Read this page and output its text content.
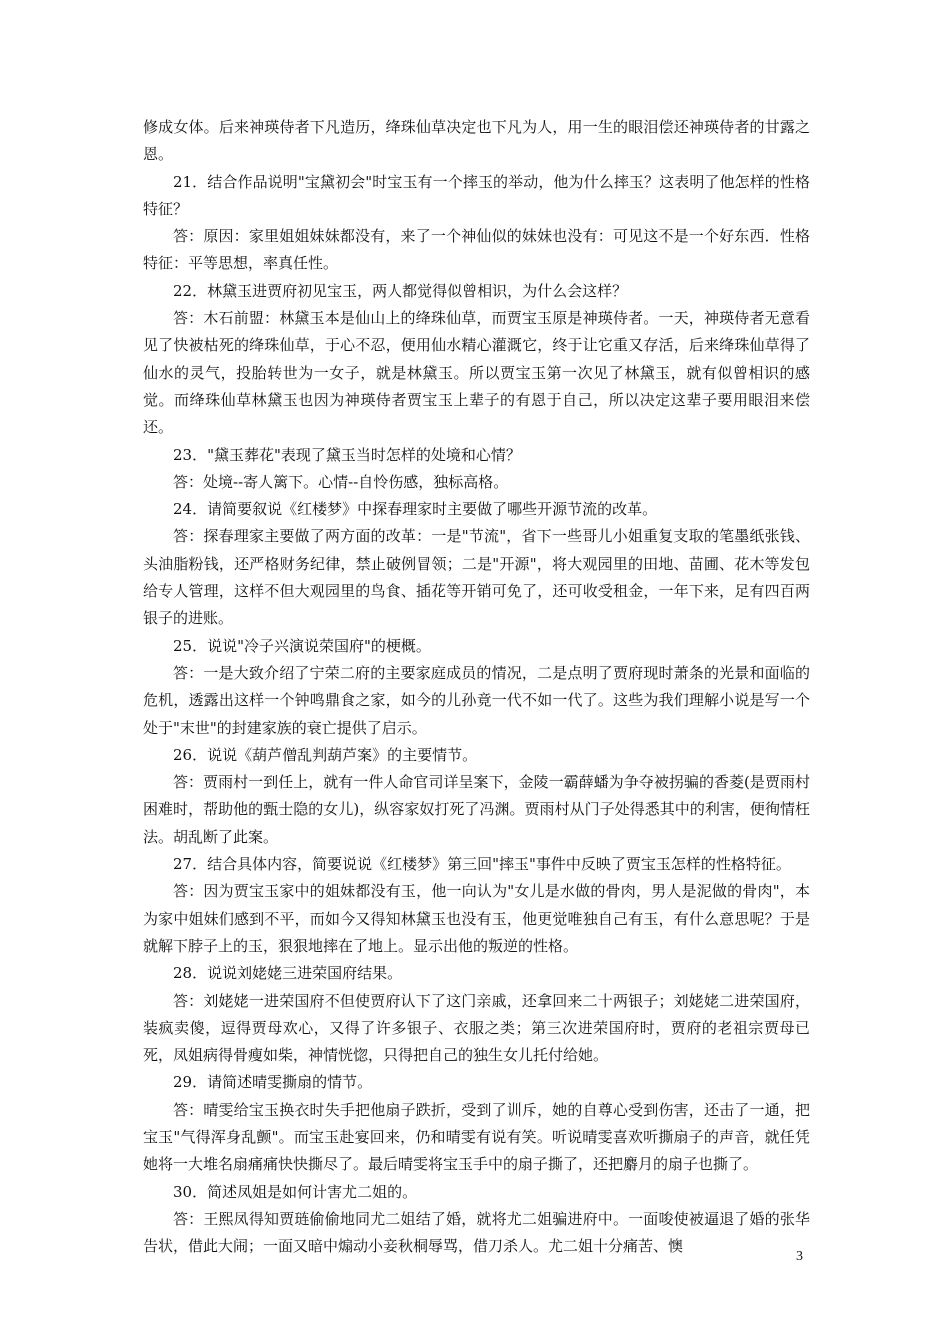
修成女体。后来神瑛侍者下凡造历，绛珠仙草决定也下凡为人，用一生的眼泪偿还神瑛侍者的甘露之恩。

21．结合作品说明"宝黛初会"时宝玉有一个摔玉的举动，他为什么摔玉？这表明了他怎样的性格特征？

答：原因：家里姐姐妹妹都没有，来了一个神仙似的妹妹也没有：可见这不是一个好东西．性格特征：平等思想，率真任性。

22．林黛玉进贾府初见宝玉，两人都觉得似曾相识，为什么会这样？

答：木石前盟：林黛玉本是仙山上的绛珠仙草，而贾宝玉原是神瑛侍者。一天，神瑛侍者无意看见了快被枯死的绛珠仙草，于心不忍，便用仙水精心灌溉它，终于让它重又存活，后来绛珠仙草得了仙水的灵气，投胎转世为一女子，就是林黛玉。所以贾宝玉第一次见了林黛玉，就有似曾相识的感觉。而绛珠仙草林黛玉也因为神瑛侍者贾宝玉上辈子的有恩于自己，所以决定这辈子要用眼泪来偿还。

23．"黛玉葬花"表现了黛玉当时怎样的处境和心情？

答：处境--寄人篱下。心情--自怜伤感，独标高格。

24．请简要叙说《红楼梦》中探春理家时主要做了哪些开源节流的改革。

答：探春理家主要做了两方面的改革：一是"节流"，省下一些哥儿小姐重复支取的笔墨纸张钱、头油脂粉钱，还严格财务纪律，禁止破例冒领；二是"开源"，将大观园里的田地、苗圃、花木等发包给专人管理，这样不但大观园里的鸟食、插花等开销可免了，还可收受租金，一年下来，足有四百两银子的进账。

25．说说"冷子兴演说荣国府"的梗概。

答：一是大致介绍了宁荣二府的主要家庭成员的情况，二是点明了贾府现时萧条的光景和面临的危机，透露出这样一个钟鸣鼎食之家，如今的儿孙竟一代不如一代了。这些为我们理解小说是写一个处于"末世"的封建家族的衰亡提供了启示。

26．说说《葫芦僧乱判葫芦案》的主要情节。

答：贾雨村一到任上，就有一件人命官司详呈案下，金陵一霸薛蟠为争夺被拐骗的香菱(是贾雨村困难时，帮助他的甄士隐的女儿)，纵容家奴打死了冯渊。贾雨村从门子处得悉其中的利害，便徇情枉法。胡乱断了此案。

27．结合具体内容，简要说说《红楼梦》第三回"摔玉"事件中反映了贾宝玉怎样的性格特征。

答：因为贾宝玉家中的姐妹都没有玉，他一向认为"女儿是水做的骨肉，男人是泥做的骨肉"，本为家中姐妹们感到不平，而如今又得知林黛玉也没有玉，他更觉唯独自己有玉，有什么意思呢？于是就解下脖子上的玉，狠狠地摔在了地上。显示出他的叛逆的性格。

28．说说刘姥姥三进荣国府结果。

答：刘姥姥一进荣国府不但使贾府认下了这门亲戚，还拿回来二十两银子；刘姥姥二进荣国府，装疯卖傻，逗得贾母欢心，又得了许多银子、衣服之类；第三次进荣国府时，贾府的老祖宗贾母已死，凤姐病得骨瘦如柴，神情恍惚，只得把自己的独生女儿托付给她。

29．请简述晴雯撕扇的情节。

答：晴雯给宝玉换衣时失手把他扇子跌折，受到了训斥，她的自尊心受到伤害，还击了一通，把宝玉"气得浑身乱颤"。而宝玉赴宴回来，仍和晴雯有说有笑。听说晴雯喜欢听撕扇子的声音，就任凭她将一大堆名扇痛痛快快撕尽了。最后晴雯将宝玉手中的扇子撕了，还把麝月的扇子也撕了。

30．简述凤姐是如何计害尤二姐的。

答：王熙凤得知贾琏偷偷地同尤二姐结了婚，就将尤二姐骗进府中。一面唆使被逼退了婚的张华告状，借此大闹；一面又暗中煽动小妾秋桐辱骂，借刀杀人。尤二姐十分痛苦、懊

3
